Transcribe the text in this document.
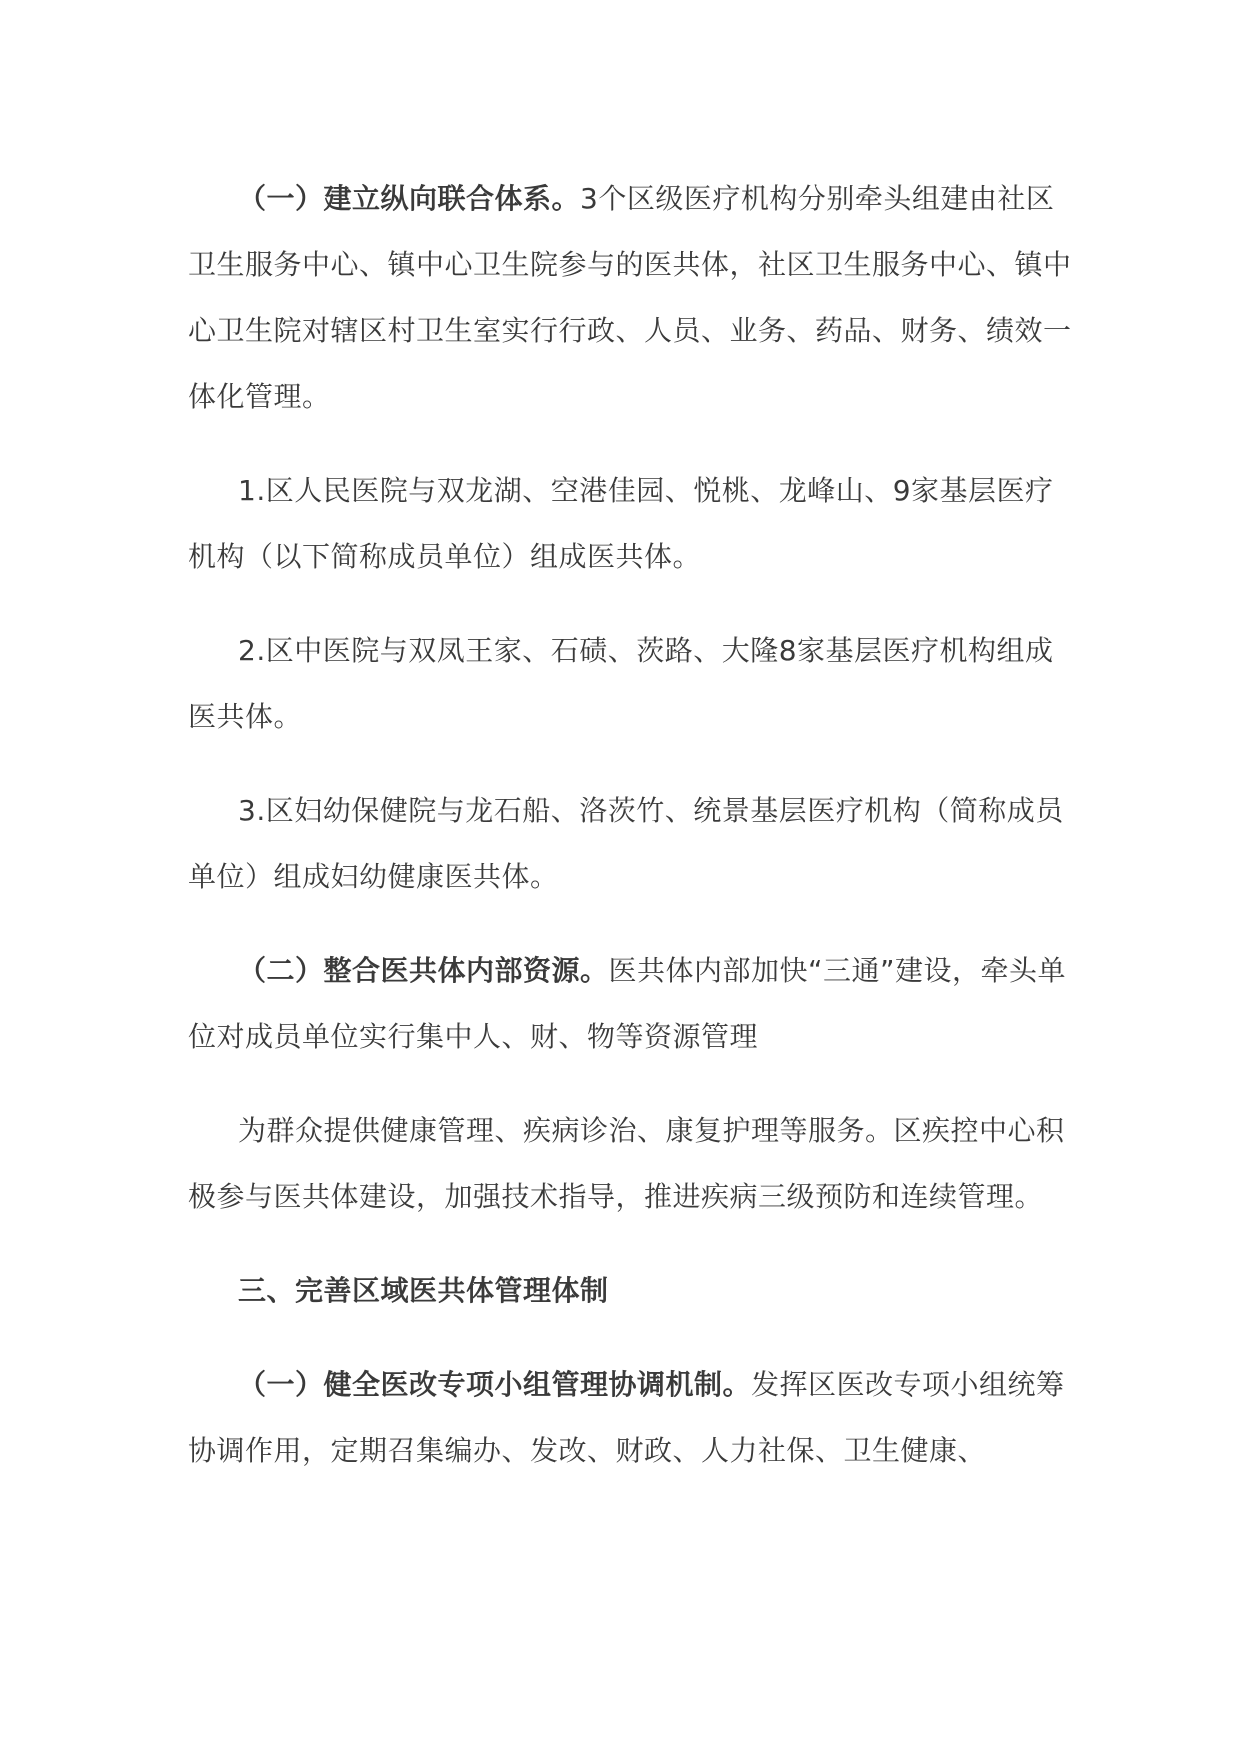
（一）建立纵向联合体系。3个区级医疗机构分别牵头组建由社区卫生服务中心、镇中心卫生院参与的医共体，社区卫生服务中心、镇中心卫生院对辖区村卫生室实行行政、人员、业务、药品、财务、绩效一体化管理。

1.区人民医院与双龙湖、空港佳园、悦桃、龙峰山、9家基层医疗机构（以下简称成员单位）组成医共体。

2.区中医院与双凤王家、石碛、茨路、大隆8家基层医疗机构组成医共体。

3.区妇幼保健院与龙石船、洛茨竹、统景基层医疗机构（简称成员单位）组成妇幼健康医共体。

（二）整合医共体内部资源。医共体内部加快“三通”建设，牵头单位对成员单位实行集中人、财、物等资源管理

为群众提供健康管理、疾病诊治、康复护理等服务。区疾控中心积极参与医共体建设，加强技术指导，推进疾病三级预防和连续管理。

三、完善区域医共体管理体制

（一）健全医改专项小组管理协调机制。发挥区医改专项小组统筹协调作用，定期召集编办、发改、财政、人力社保、卫生健康、
